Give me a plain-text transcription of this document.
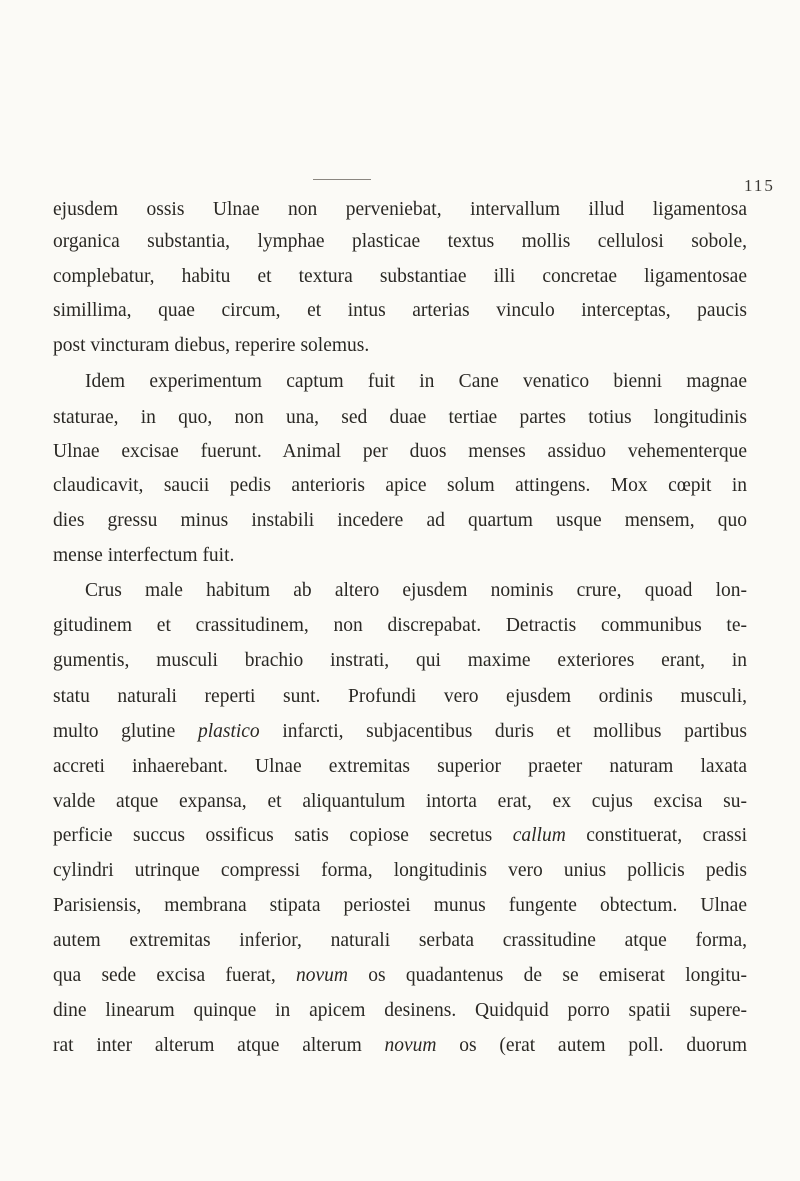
115
ejusdem ossis Ulnae non perveniebat, intervallum illud ligamentosa
organica substantia, lymphae plasticae textus mollis cellulosi sobole,
complebatur, habitu et textura substantiae illi concretae ligamentosae
simillima, quae circum, et intus arterias vinculo interceptas, paucis
post vincturam diebus, reperire solemus.
Idem experimentum captum fuit in Cane venatico bienni magnae
staturae, in quo, non una, sed duae tertiae partes totius longitudinis
Ulnae excisae fuerunt. Animal per duos menses assiduo vehementerque
claudicavit, saucii pedis anterioris apice solum attingens. Mox cœpit in
dies gressu minus instabili incedere ad quartum usque mensem, quo
mense interfectum fuit.
Crus male habitum ab altero ejusdem nominis crure, quoad lon-
gitudinem et crassitudinem, non discrepabat. Detractis communibus te-
gumentis, musculi brachio instrati, qui maxime exteriores erant, in
statu naturali reperti sunt. Profundi vero ejusdem ordinis musculi,
multo glutine plastico infarcti, subjacentibus duris et mollibus partibus
accreti inhaerebant. Ulnae extremitas superior praeter naturam laxata
valde atque expansa, et aliquantulum intorta erat, ex cujus excisa su-
perficie succus ossificus satis copiose secretus callum constituerat, crassi
cylindri utrinque compressi forma, longitudinis vero unius pollicis pedis
Parisiensis, membrana stipata periostei munus fungente obtectum. Ulnae
autem extremitas inferior, naturali serbata crassitudine atque forma,
qua sede excisa fuerat, novum os quadantenus de se emiserat longitu-
dine linearum quinque in apicem desinens. Quidquid porro spatii supere-
rat inter alterum atque alterum novum os (erat autem poll. duorum
